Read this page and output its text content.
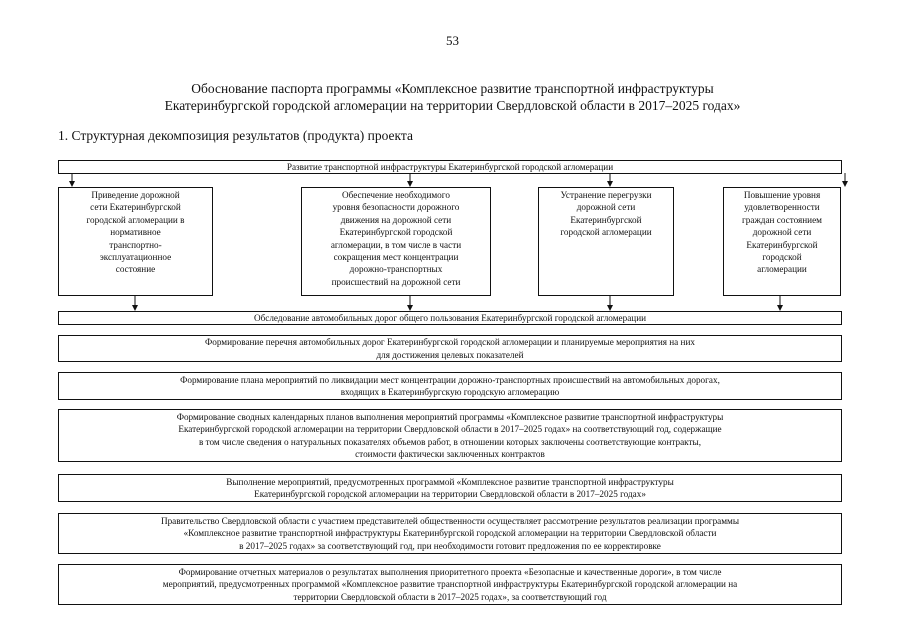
53
Обоснование паспорта программы «Комплексное развитие транспортной инфраструктуры
Екатеринбургской городской агломерации на территории Свердловской области в 2017–2025 годах»
1. Структурная декомпозиция результатов (продукта) проекта
Развитие транспортной инфраструктуры Екатеринбургской городской агломерации
Приведение дорожной
сети Екатеринбургской
городской агломерации в
нормативное
транспортно-
эксплуатационное
состояние
Обеспечение необходимого
уровня безопасности дорожного
движения на дорожной сети
Екатеринбургской городской
агломерации, в том числе в части
сокращения мест концентрации
дорожно-транспортных
происшествий на дорожной сети
Устранение перегрузки
дорожной сети
Екатеринбургской
городской агломерации
Повышение уровня
удовлетворенности
граждан состоянием
дорожной сети
Екатеринбургской
городской
агломерации
Обследование автомобильных дорог общего пользования Екатеринбургской городской агломерации
Формирование перечня автомобильных дорог Екатеринбургской городской агломерации и планируемые мероприятия на них
для достижения целевых показателей
Формирование плана мероприятий по ликвидации мест концентрации дорожно-транспортных происшествий на автомобильных дорогах,
входящих в Екатеринбургскую городскую агломерацию
Формирование сводных календарных планов выполнения мероприятий программы «Комплексное развитие транспортной инфраструктуры
Екатеринбургской городской агломерации на территории Свердловской области в 2017–2025 годах» на соответствующий год, содержащие
в том числе сведения о натуральных показателях объемов работ, в отношении которых заключены соответствующие контракты,
стоимости фактически заключенных контрактов
Выполнение мероприятий, предусмотренных программой «Комплексное развитие транспортной инфраструктуры
Екатеринбургской городской агломерации на территории Свердловской области в 2017–2025 годах»
Правительство Свердловской области с участием представителей общественности осуществляет рассмотрение результатов реализации программы
«Комплексное развитие транспортной инфраструктуры Екатеринбургской городской агломерации на территории Свердловской области
в 2017–2025 годах» за соответствующий год, при необходимости готовит предложения по ее корректировке
Формирование отчетных материалов о результатах выполнения приоритетного проекта «Безопасные и качественные дороги», в том числе
мероприятий, предусмотренных программой «Комплексное развитие транспортной инфраструктуры Екатеринбургской городской агломерации на
территории Свердловской области в 2017–2025 годах», за соответствующий год
